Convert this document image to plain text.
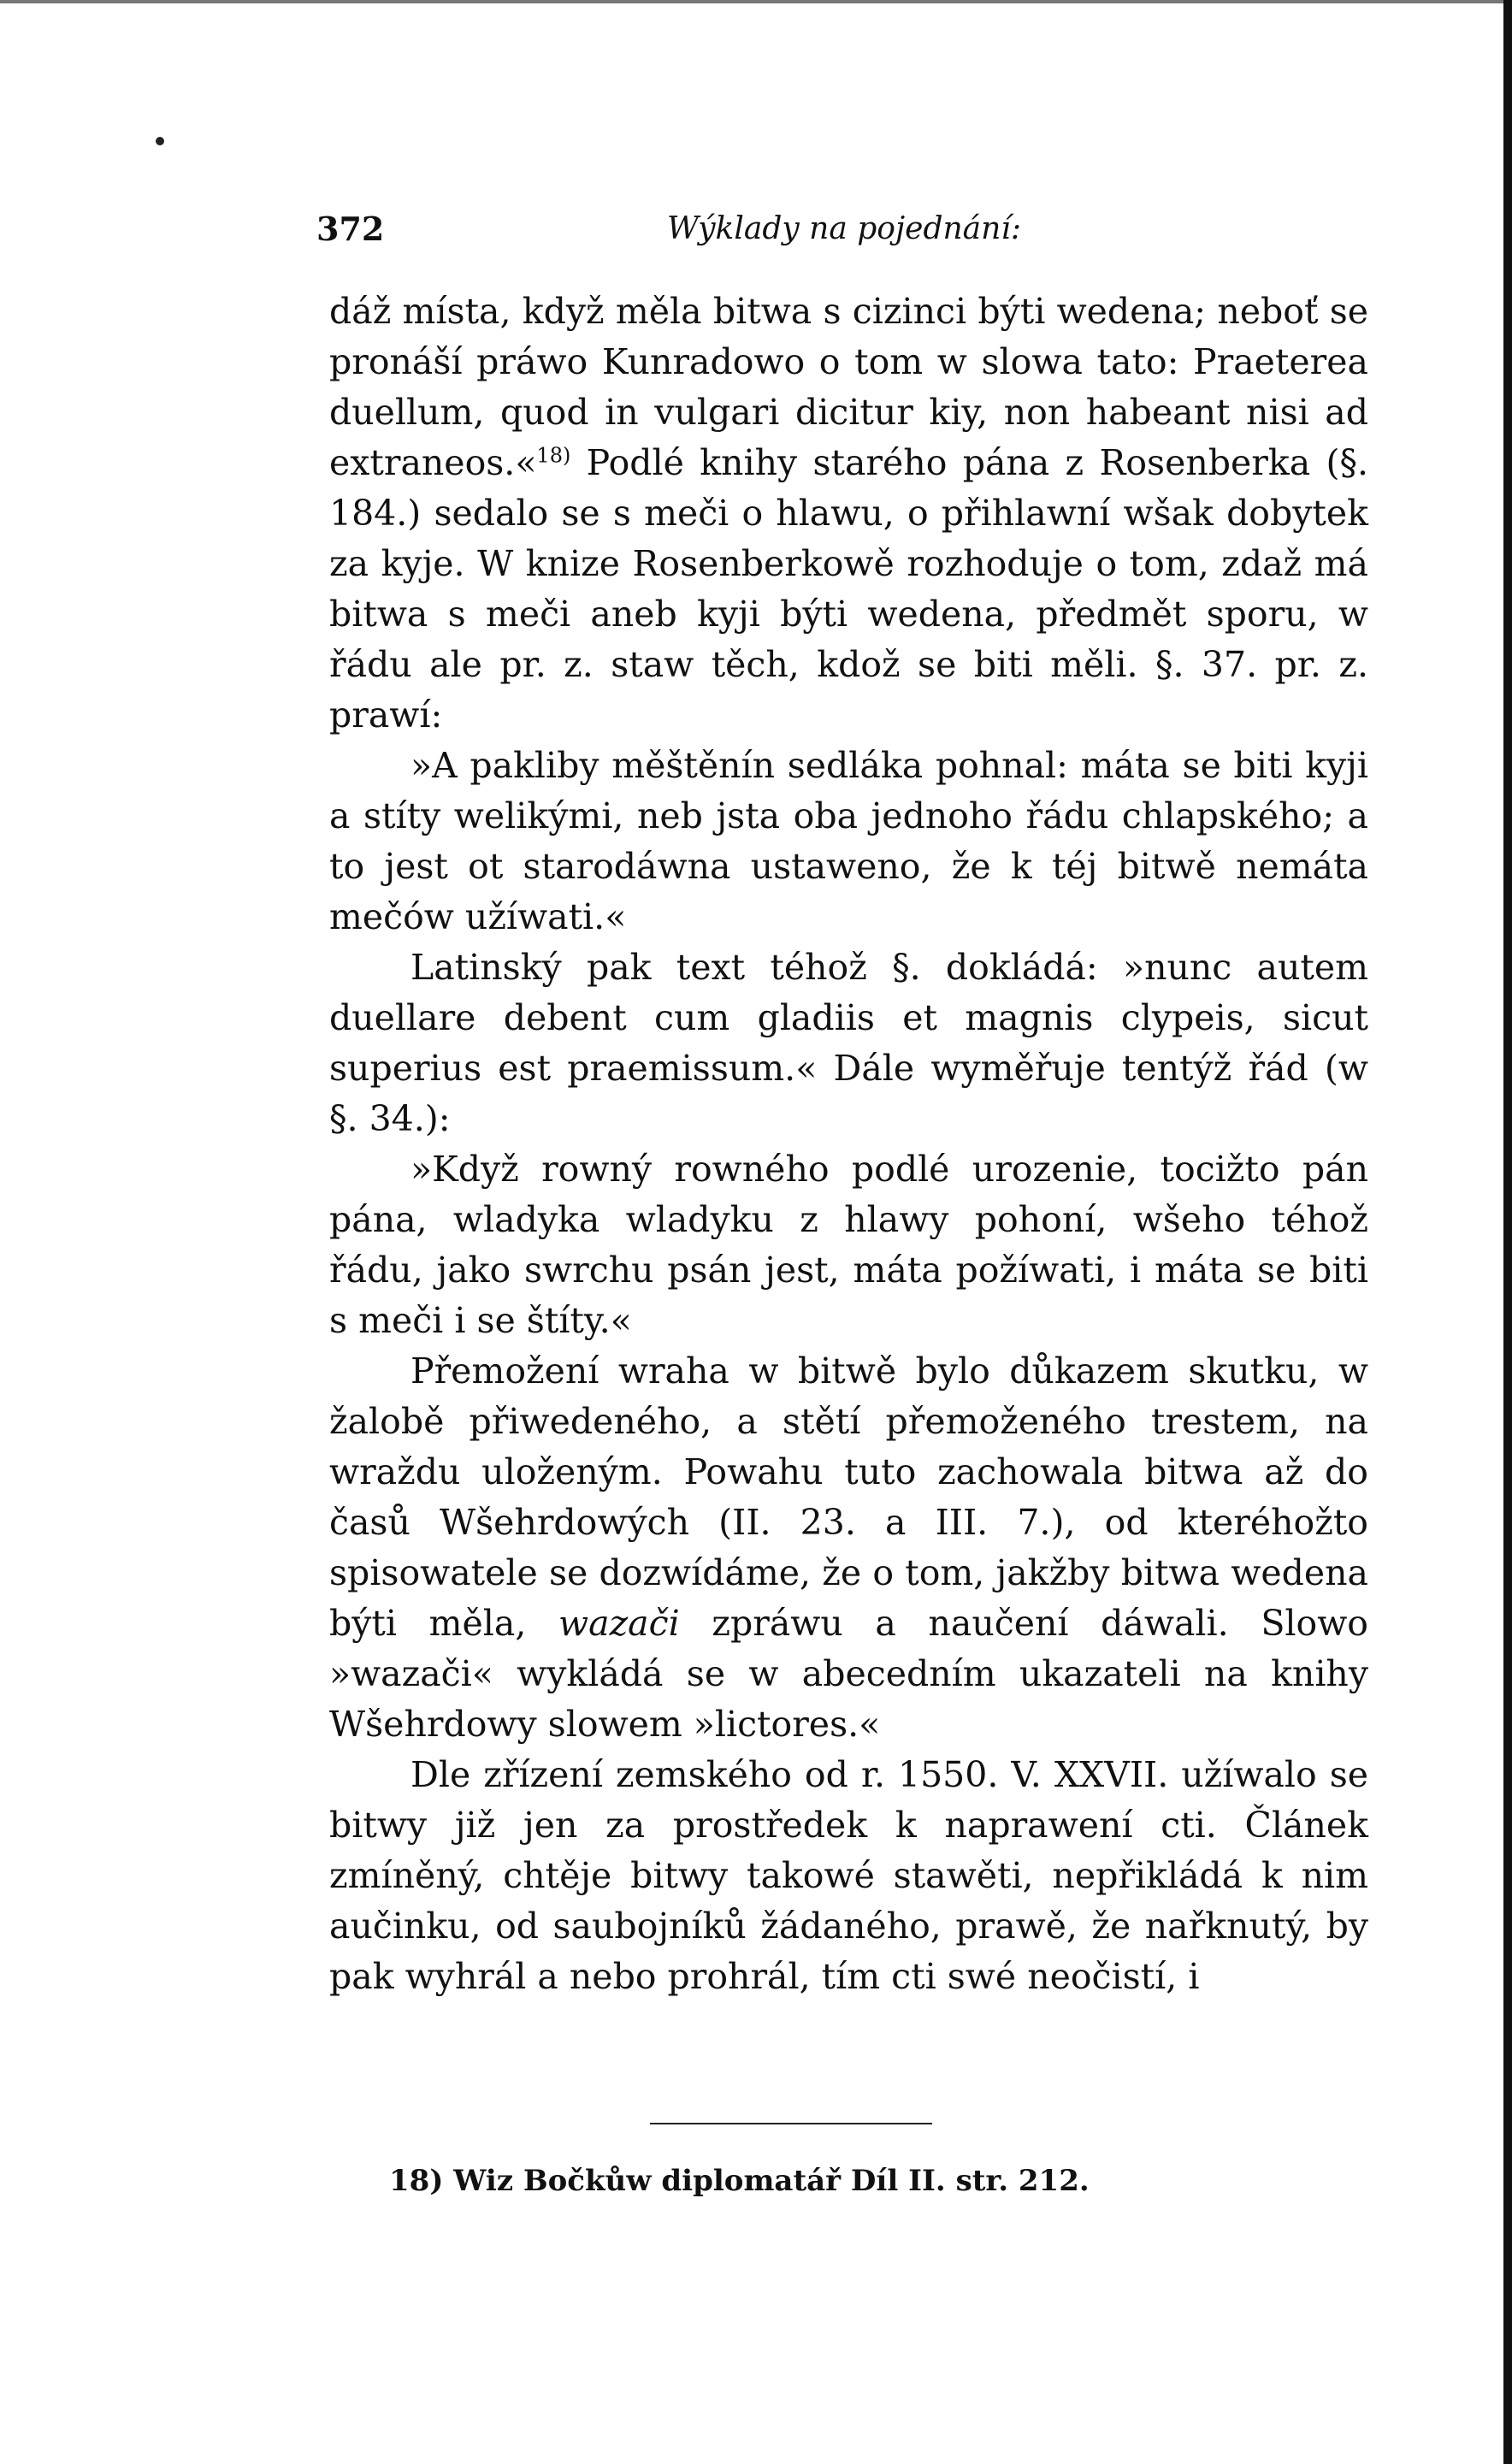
372	Wýklady na pojednání:

dáž místa, když měla bitwa s cizinci býti wedena; neboť se pronáší práwo Kunradowo o tom w slowa tato: Praeterea duellum, quod in vulgari dicitur kiy, non habeant nisi ad extraneos.«$^{18)}$ Podlé knihy starého pána z Rosenberka (§. 184.) sedalo se s meči o hlawu, o přihlawní wšak dobytek za kyje. W knize Rosenberkowě rozhoduje o tom, zdaž má bitwa s meči aneb kyji býti wedena, předmět sporu, w řádu ale pr. z. staw těch, kdož se biti měli. §. 37. pr. z. prawí:

»A pakliby měštěnín sedláka pohnal: máta se biti kyji a stíty welikými, neb jsta oba jednoho řádu chlapského; a to jest ot starodáwna ustaweno, že k téj bitwě nemáta mečów užíwati.«

Latinský pak text téhož §. dokládá: »nunc autem duellare debent cum gladiis et magnis clypeis, sicut superius est praemissum.« Dále wyměřuje tentýž řád (w §. 34.):

»Když rowný rowného podlé urozenie, tocižto pán pána, wladyka wladyku z hlawy pohoní, wšeho téhož řádu, jako swrchu psán jest, máta požíwati, i máta se biti s meči i se štíty.«

Přemožení wraha w bitwě bylo důkazem skutku, w žalobě přiwedeného, a stětí přemoženého trestem, na wraždu uloženým. Powahu tuto zachowala bitwa až do časů Wšehrdowých (II. 23. a III. 7.), od kteréhožto spisowatele se dozwídáme, že o tom, jakžby bitwa wedena býti měla, wazači zpráwu a naučení dáwali. Slowo »wazači« wykládá se w abecedním ukazateli na knihy Wšehrdowy slowem »lictores.«

Dle zřízení zemského od r. 1550. V. XXVII. užíwalo se bitwy již jen za prostředek k naprawení cti. Článek zmíněný, chtěje bitwy takowé stawěti, nepřikládá k nim aučinku, od saubojníků žádaného, prawě, že nařknutý, by pak wyhrál a nebo prohrál, tím cti swé neočistí, i

18) Wiz Bočkůw diplomatář Díl II. str. 212.
